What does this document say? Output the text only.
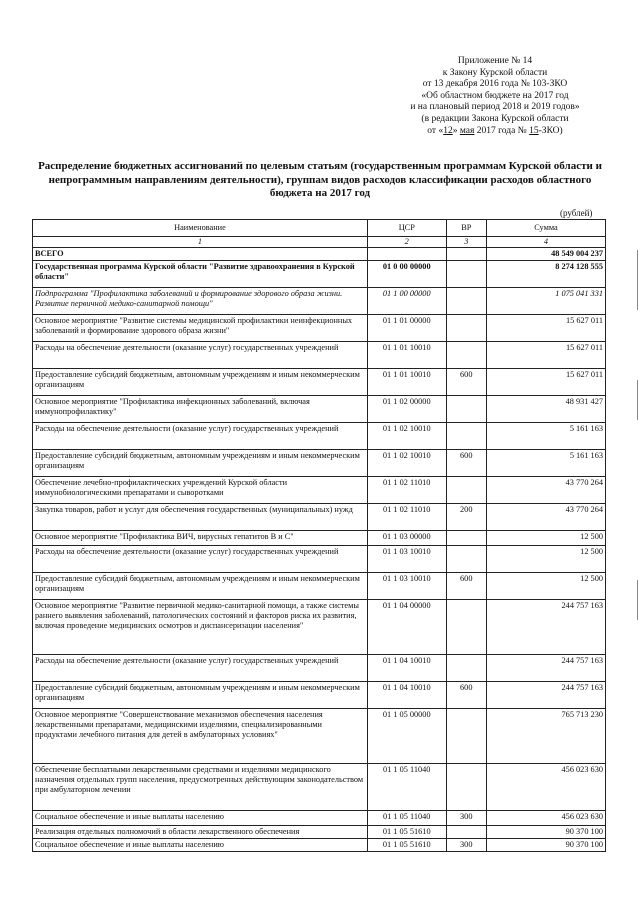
Приложение № 14
к Закону Курской области
от 13 декабря 2016 года № 103-ЗКО
«Об областном бюджете на 2017 год
и на плановый период 2018 и 2019 годов»
(в редакции Закона Курской области
от «12» мая 2017 года № 15-ЗКО)
Распределение бюджетных ассигнований по целевым статьям (государственным программам Курской области и непрограммным направлениям деятельности), группам видов расходов классификации расходов областного бюджета на 2017 год
(рублей)
Наименование	ЦСР	ВР	Сумма
1	2	3	4
ВСЕГО			48 549 004 237
Государственная программа Курской области "Развитие здравоохранения в Курской области"	01 0 00 00000		8 274 128 555
Подпрограмма "Профилактика заболеваний и формирование здорового образа жизни. Развитие первичной медико-санитарной помощи"	01 1 00 00000		1 075 041 331
Основное мероприятие "Развитие системы медицинской профилактики неинфекционных заболеваний и формирование здорового образа жизни"	01 1 01 00000		15 627 011
Расходы на обеспечение деятельности (оказание услуг) государственных учреждений	01 1 01 10010		15 627 011
Предоставление субсидий бюджетным, автономным учреждениям и иным некоммерческим организациям	01 1 01 10010	600	15 627 011
Основное мероприятие "Профилактика инфекционных заболеваний, включая иммунопрофилактику"	01 1 02 00000		48 931 427
Расходы на обеспечение деятельности (оказание услуг) государственных учреждений	01 1 02 10010		5 161 163
Предоставление субсидий бюджетным, автономным учреждениям и иным некоммерческим организациям	01 1 02 10010	600	5 161 163
Обеспечение лечебно-профилактических учреждений Курской области иммунобиологическими препаратами и сыворотками	01 1 02 11010		43 770 264
Закупка товаров, работ и услуг для обеспечения государственных (муниципальных) нужд	01 1 02 11010	200	43 770 264
Основное мероприятие "Профилактика ВИЧ, вирусных гепатитов В и С"	01 1 03 00000		12 500
Расходы на обеспечение деятельности (оказание услуг) государственных учреждений	01 1 03 10010		12 500
Предоставление субсидий бюджетным, автономным учреждениям и иным некоммерческим организациям	01 1 03 10010	600	12 500
Основное мероприятие "Развитие первичной медико-санитарной помощи, а также системы раннего выявления заболеваний, патологических состояний и факторов риска их развития, включая проведение медицинских осмотров и диспансеризации населения"	01 1 04 00000		244 757 163
Расходы на обеспечение деятельности (оказание услуг) государственных учреждений	01 1 04 10010		244 757 163
Предоставление субсидий бюджетным, автономным учреждениям и иным некоммерческим организациям	01 1 04 10010	600	244 757 163
Основное мероприятие "Совершенствование механизмов обеспечения населения лекарственными препаратами, медицинскими изделиями, специализированными продуктами лечебного питания для детей в амбулаторных условиях"	01 1 05 00000		765 713 230
Обеспечение бесплатными лекарственными средствами и изделиями медицинского назначения отдельных групп населения, предусмотренных действующим законодательством при амбулаторном лечении	01 1 05 11040		456 023 630
Социальное обеспечение и иные выплаты населению	01 1 05 11040	300	456 023 630
Реализация отдельных полномочий в области лекарственного обеспечения	01 1 05 51610		90 370 100
Социальное обеспечение и иные выплаты населению	01 1 05 51610	300	90 370 100
